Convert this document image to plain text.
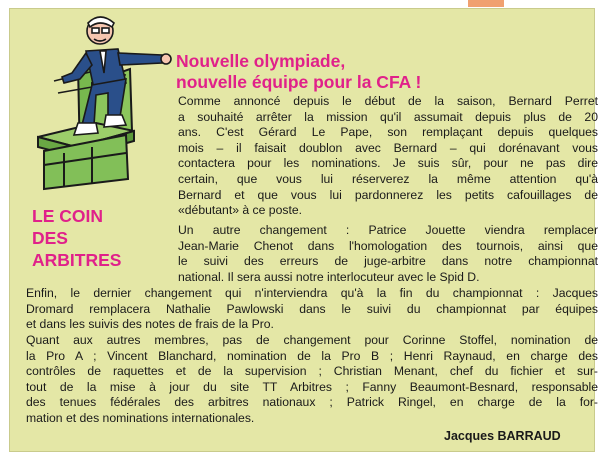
Nouvelle olympiade,
nouvelle équipe pour la CFA !
LE COIN
DES
ARBITRES

Comme annoncé depuis le début de la saison, Bernard Perret
a souhaité arrêter la mission qu'il assumait depuis plus de 20
ans. C'est Gérard Le Pape, son remplaçant depuis quelques
mois – il faisait doublon avec Bernard – qui dorénavant vous
contactera pour les nominations. Je suis sûr, pour ne pas dire
certain, que vous lui réserverez la même attention qu'à
Bernard et que vous lui pardonnerez les petits cafouillages de
«débutant» à ce poste.

Un autre changement : Patrice Jouette viendra remplacer
Jean-Marie Chenot dans l'homologation des tournois, ainsi que
le suivi des erreurs de juge-arbitre dans notre championnat
national. Il sera aussi notre interlocuteur avec le Spid D.

Enfin, le dernier changement qui n'interviendra qu'à la fin du championnat : Jacques
Dromard remplacera Nathalie Pawlowski dans le suivi du championnat par équipes
et dans les suivis des notes de frais de la Pro.

Quant aux autres membres, pas de changement pour Corinne Stoffel, nomination de
la Pro A ; Vincent Blanchard, nomination de la Pro B ; Henri Raynaud, en charge des
contrôles de raquettes et de la supervision ; Christian Menant, chef du fichier et sur-
tout de la mise à jour du site TT Arbitres ; Fanny Beaumont-Besnard, responsable
des tenues fédérales des arbitres nationaux ; Patrick Ringel, en charge de la for-
mation et des nominations internationales.

Jacques BARRAUD
